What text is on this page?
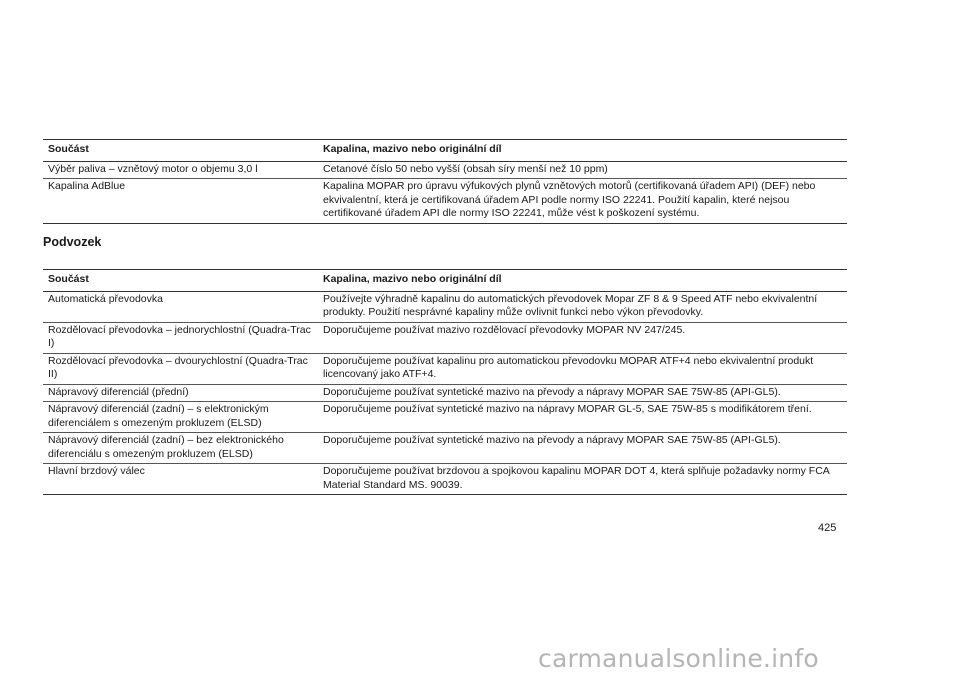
Součást	Kapalina, mazivo nebo originální díl
Výběr paliva – vznětový motor o objemu 3,0 l	Cetanové číslo 50 nebo vyšší (obsah síry menší než 10 ppm)
Kapalina AdBlue	Kapalina MOPAR pro úpravu výfukových plynů vznětových motorů (certifikovaná úřadem API) (DEF) nebo ekvivalentní, která je certifikovaná úřadem API podle normy ISO 22241. Použití kapalin, které nejsou certifikované úřadem API dle normy ISO 22241, může vést k poškození systému.
Podvozek
Součást	Kapalina, mazivo nebo originální díl
Automatická převodovka	Používejte výhradně kapalinu do automatických převodovek Mopar ZF 8 & 9 Speed ATF nebo ekvivalentní produkty. Použití nesprávné kapaliny může ovlivnit funkci nebo výkon převodovky.
Rozdělovací převodovka – jednorychlostní (Quadra-Trac I)	Doporučujeme používat mazivo rozdělovací převodovky MOPAR NV 247/245.
Rozdělovací převodovka – dvourychlostní (Quadra-Trac II)	Doporučujeme používat kapalinu pro automatickou převodovku MOPAR ATF+4 nebo ekvivalentní produkt licencovaný jako ATF+4.
Nápravový diferenciál (přední)	Doporučujeme používat syntetické mazivo na převody a nápravy MOPAR SAE 75W-85 (API-GL5).
Nápravový diferenciál (zadní) – s elektronickým diferenciálem s omezeným prokluzem (ELSD)	Doporučujeme používat syntetické mazivo na nápravy MOPAR GL-5, SAE 75W-85 s modifikátorem tření.
Nápravový diferenciál (zadní) – bez elektronického diferenciálu s omezeným prokluzem (ELSD)	Doporučujeme používat syntetické mazivo na převody a nápravy MOPAR SAE 75W-85 (API-GL5).
Hlavní brzdový válec	Doporučujeme používat brzdovou a spojkovou kapalinu MOPAR DOT 4, která splňuje požadavky normy FCA Material Standard MS. 90039.
425
carmanualsonline.info
